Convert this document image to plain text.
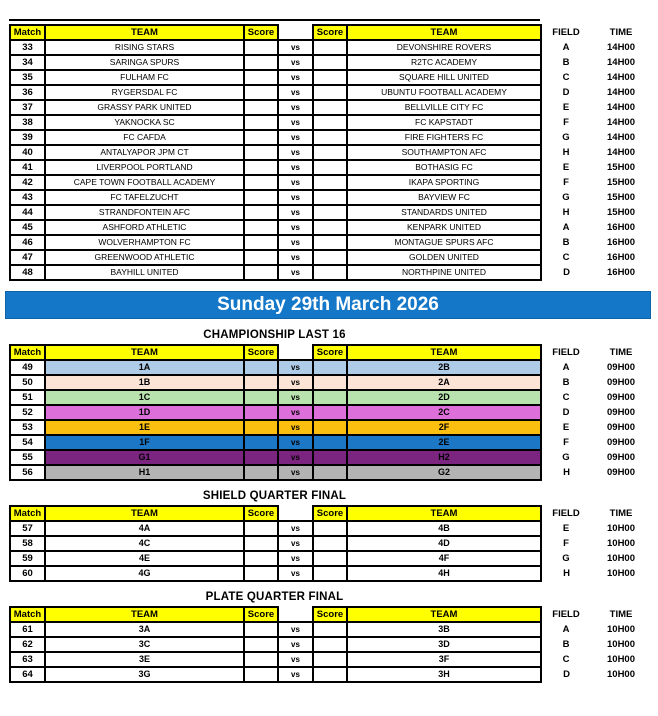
Match	TEAM	Score		Score	TEAM	FIELD	TIME
33	RISING STARS		vs		DEVONSHIRE ROVERS	A	14H00
34	SARINGA SPURS		vs		R2TC ACADEMY	B	14H00
35	FULHAM FC		vs		SQUARE HILL UNITED	C	14H00
36	RYGERSDAL FC		vs		UBUNTU FOOTBALL ACADEMY	D	14H00
37	GRASSY PARK UNITED		vs		BELLVILLE CITY FC	E	14H00
38	YAKNOCKA SC		vs		FC KAPSTADT	F	14H00
39	FC CAFDA		vs		FIRE FIGHTERS FC	G	14H00
40	ANTALYAPOR JPM CT		vs		SOUTHAMPTON AFC	H	14H00
41	LIVERPOOL PORTLAND		vs		BOTHASIG FC	E	15H00
42	CAPE TOWN FOOTBALL ACADEMY		vs		IKAPA SPORTING	F	15H00
43	FC TAFELZUCHT		vs		BAYVIEW FC	G	15H00
44	STRANDFONTEIN AFC		vs		STANDARDS UNITED	H	15H00
45	ASHFORD ATHLETIC		vs		KENPARK UNITED	A	16H00
46	WOLVERHAMPTON FC		vs		MONTAGUE SPURS AFC	B	16H00
47	GREENWOOD ATHLETIC		vs		GOLDEN UNITED	C	16H00
48	BAYHILL UNITED		vs		NORTHPINE UNITED	D	16H00
Sunday 29th March 2026
CHAMPIONSHIP LAST 16
Match	TEAM	Score		Score	TEAM	FIELD	TIME
49	1A		vs		2B	A	09H00
50	1B		vs		2A	B	09H00
51	1C		vs		2D	C	09H00
52	1D		vs		2C	D	09H00
53	1E		vs		2F	E	09H00
54	1F		vs		2E	F	09H00
55	G1		vs		H2	G	09H00
56	H1		vs		G2	H	09H00
SHIELD QUARTER FINAL
Match	TEAM	Score		Score	TEAM	FIELD	TIME
57	4A		vs		4B	E	10H00
58	4C		vs		4D	F	10H00
59	4E		vs		4F	G	10H00
60	4G		vs		4H	H	10H00
PLATE QUARTER FINAL
Match	TEAM	Score		Score	TEAM	FIELD	TIME
61	3A		vs		3B	A	10H00
62	3C		vs		3D	B	10H00
63	3E		vs		3F	C	10H00
64	3G		vs		3H	D	10H00
